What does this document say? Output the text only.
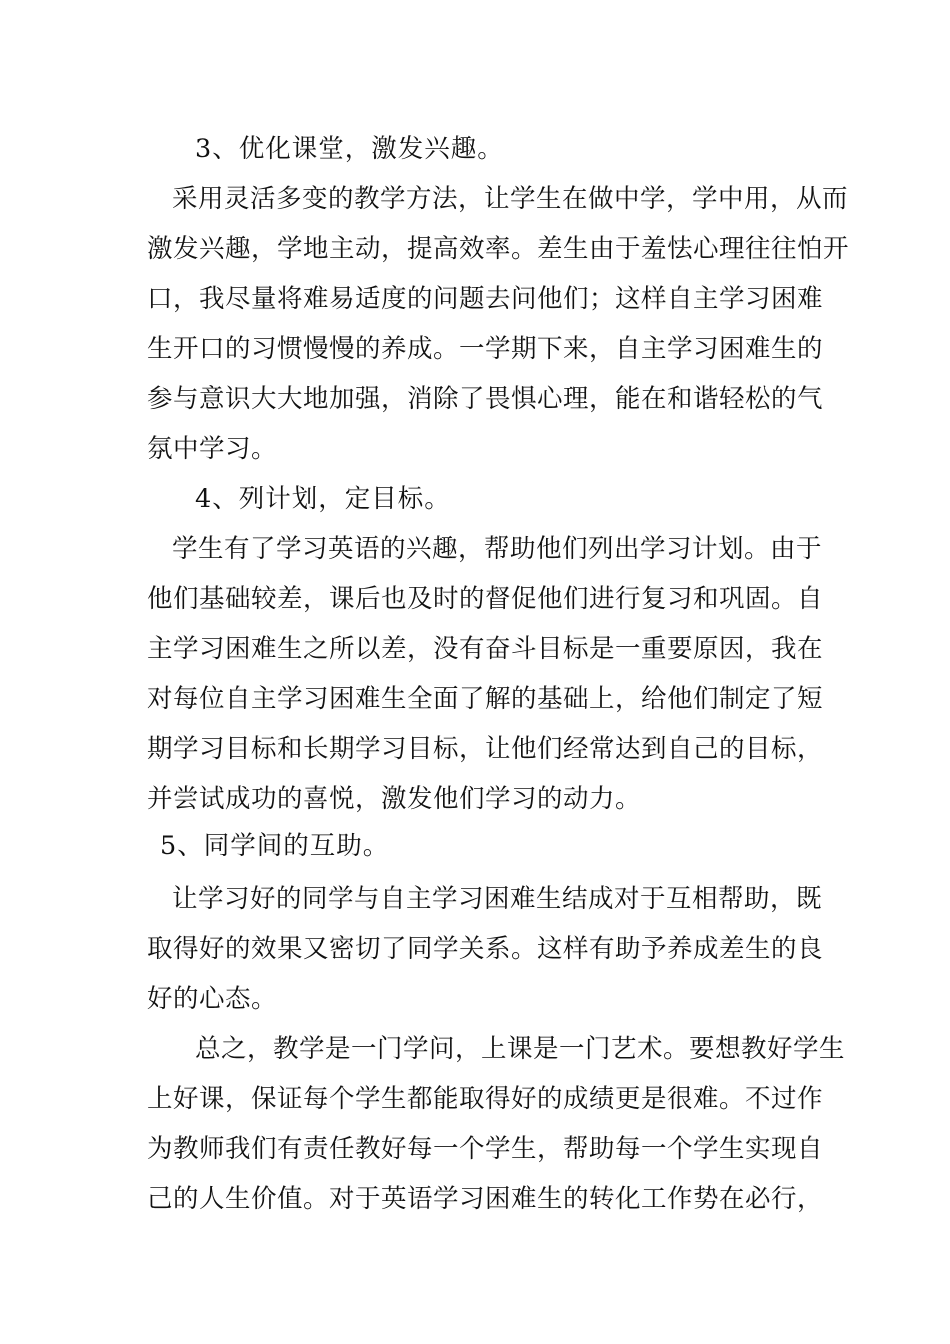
3、优化课堂，激发兴趣。
采用灵活多变的教学方法，让学生在做中学，学中用，从而
激发兴趣，学地主动，提高效率。差生由于羞怯心理往往怕开
口，我尽量将难易适度的问题去问他们；这样自主学习困难
生开口的习惯慢慢的养成。一学期下来，自主学习困难生的
参与意识大大地加强，消除了畏惧心理，能在和谐轻松的气
氛中学习。
4、列计划，定目标。
学生有了学习英语的兴趣，帮助他们列出学习计划。由于
他们基础较差，课后也及时的督促他们进行复习和巩固。自
主学习困难生之所以差，没有奋斗目标是一重要原因，我在
对每位自主学习困难生全面了解的基础上，给他们制定了短
期学习目标和长期学习目标，让他们经常达到自己的目标，
并尝试成功的喜悦，激发他们学习的动力。
5、同学间的互助。
让学习好的同学与自主学习困难生结成对于互相帮助，既
取得好的效果又密切了同学关系。这样有助予养成差生的良
好的心态。
总之，教学是一门学问，上课是一门艺术。要想教好学生
上好课，保证每个学生都能取得好的成绩更是很难。不过作
为教师我们有责任教好每一个学生，帮助每一个学生实现自
己的人生价值。对于英语学习困难生的转化工作势在必行，
